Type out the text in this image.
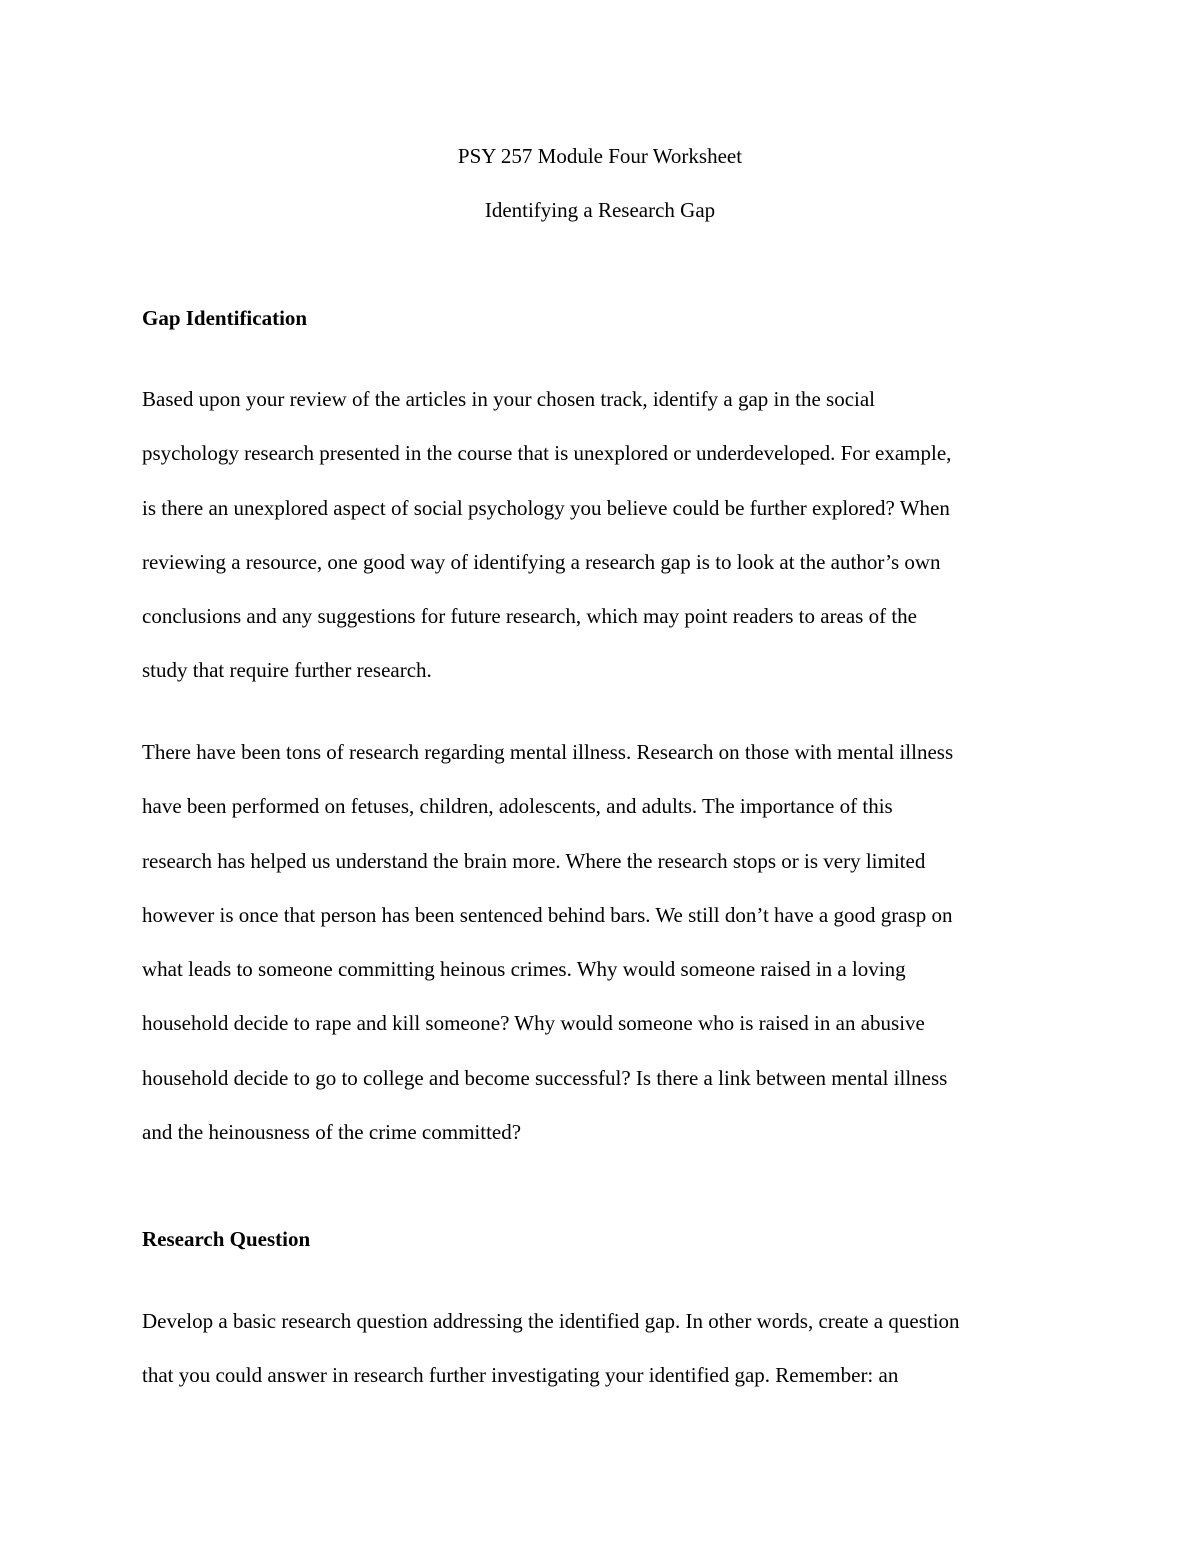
PSY 257 Module Four Worksheet
Identifying a Research Gap
Gap Identification
Based upon your review of the articles in your chosen track, identify a gap in the social
psychology research presented in the course that is unexplored or underdeveloped. For example,
is there an unexplored aspect of social psychology you believe could be further explored? When
reviewing a resource, one good way of identifying a research gap is to look at the author’s own
conclusions and any suggestions for future research, which may point readers to areas of the
study that require further research.
There have been tons of research regarding mental illness. Research on those with mental illness
have been performed on fetuses, children, adolescents, and adults. The importance of this
research has helped us understand the brain more. Where the research stops or is very limited
however is once that person has been sentenced behind bars. We still don’t have a good grasp on
what leads to someone committing heinous crimes. Why would someone raised in a loving
household decide to rape and kill someone? Why would someone who is raised in an abusive
household decide to go to college and become successful? Is there a link between mental illness
and the heinousness of the crime committed?
Research Question
Develop a basic research question addressing the identified gap. In other words, create a question
that you could answer in research further investigating your identified gap. Remember: an
